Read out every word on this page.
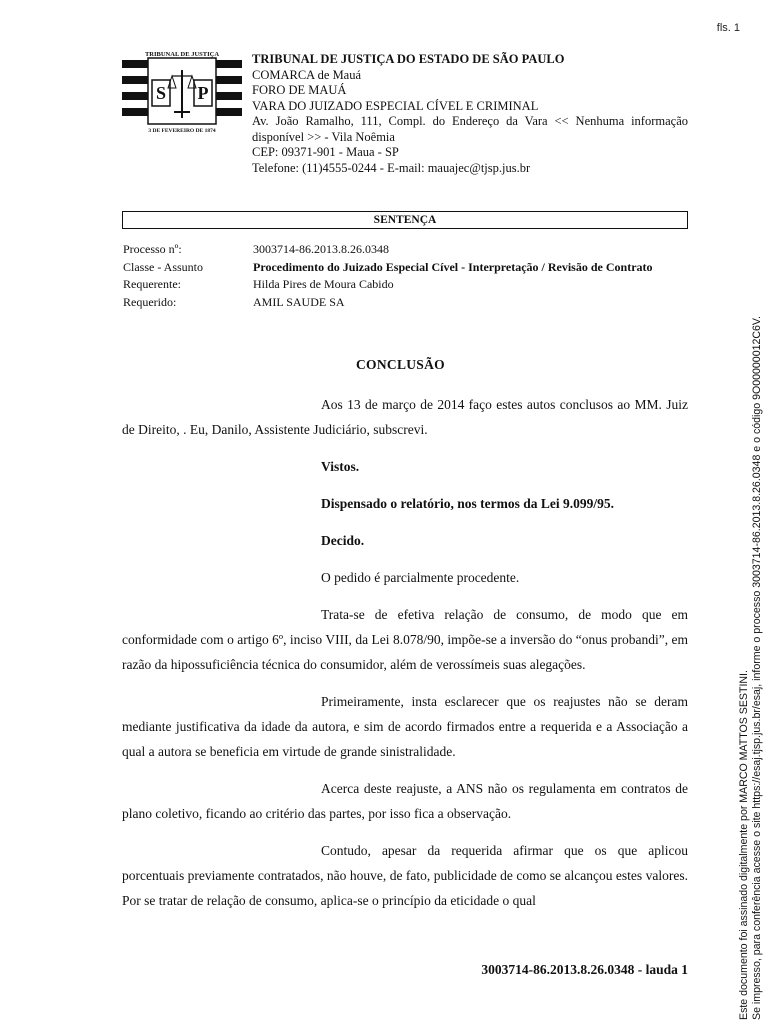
fls. 1
TRIBUNAL DE JUSTIÇA
S P
3 DE FEVEREIRO DE 1874
TRIBUNAL DE JUSTIÇA DO ESTADO DE SÃO PAULO
COMARCA de Mauá
FORO DE MAUÁ
VARA DO JUIZADO ESPECIAL CÍVEL E CRIMINAL
Av. João Ramalho, 111, Compl. do Endereço da Vara << Nenhuma informação disponível >> - Vila Noêmia
CEP: 09371-901 - Maua - SP
Telefone: (11)4555-0244 - E-mail: mauajec@tjsp.jus.br
SENTENÇA
Processo nº:	3003714-86.2013.8.26.0348
Classe - Assunto	Procedimento do Juizado Especial Cível - Interpretação / Revisão de Contrato
Requerente:	Hilda Pires de Moura Cabido
Requerido:	AMIL SAUDE SA
CONCLUSÃO

Aos 13 de março de 2014 faço estes autos conclusos ao MM. Juiz de Direito, . Eu, Danilo, Assistente Judiciário, subscrevi.

Vistos.

Dispensado o relatório, nos termos da Lei 9.099/95.

Decido.

O pedido é parcialmente procedente.

Trata-se de efetiva relação de consumo, de modo que em conformidade com o artigo 6º, inciso VIII, da Lei 8.078/90, impõe-se a inversão do “onus probandi”, em razão da hipossuficiência técnica do consumidor, além de verossímeis suas alegações.

Primeiramente, insta esclarecer que os reajustes não se deram mediante justificativa da idade da autora, e sim de acordo firmados entre a requerida e a Associação a qual a autora se beneficia em virtude de grande sinistralidade.

Acerca deste reajuste, a ANS não os regulamenta em contratos de plano coletivo, ficando ao critério das partes, por isso fica a observação.

Contudo, apesar da requerida afirmar que os que aplicou porcentuais previamente contratados, não houve, de fato, publicidade de como se alcançou estes valores. Por se tratar de relação de consumo, aplica-se o princípio da eticidade o qual

3003714-86.2013.8.26.0348 - lauda 1	Este documento foi assinado digitalmente por MARCO MATTOS SESTINI. Se impresso, para conferência acesse o site https://esaj.tjsp.jus.br/esaj, informe o processo 3003714-86.2013.8.26.0348 e o código 9O00000012C6V.
